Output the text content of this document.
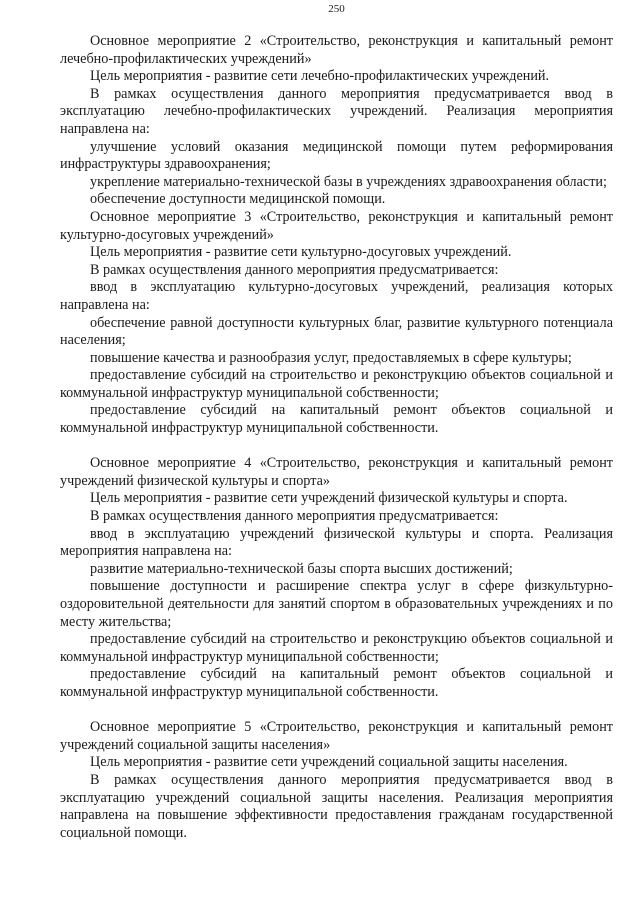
250

Основное мероприятие 2 «Строительство, реконструкция и капитальный ремонт лечебно-профилактических учреждений»

Цель мероприятия - развитие сети лечебно-профилактических учреждений.

В рамках осуществления данного мероприятия предусматривается ввод в эксплуатацию лечебно-профилактических учреждений. Реализация мероприятия направлена на:

улучшение условий оказания медицинской помощи путем реформирования инфраструктуры здравоохранения;

укрепление материально-технической базы в учреждениях здравоохранения области;

обеспечение доступности медицинской помощи.

Основное мероприятие 3 «Строительство, реконструкция и капитальный ремонт культурно-досуговых учреждений»

Цель мероприятия - развитие сети культурно-досуговых учреждений.

В рамках осуществления данного мероприятия предусматривается:

ввод в эксплуатацию культурно-досуговых учреждений, реализация которых направлена на:

обеспечение равной доступности культурных благ, развитие культурного потенциала населения;

повышение качества и разнообразия услуг, предоставляемых в сфере культуры;

предоставление субсидий на строительство и реконструкцию объектов социальной и коммунальной инфраструктур муниципальной собственности;

предоставление субсидий на капитальный ремонт объектов социальной и коммунальной инфраструктур муниципальной собственности.

Основное мероприятие 4 «Строительство, реконструкция и капитальный ремонт учреждений физической культуры и спорта»

Цель мероприятия - развитие сети учреждений физической культуры и спорта.

В рамках осуществления данного мероприятия предусматривается:

ввод в эксплуатацию учреждений физической культуры и спорта. Реализация мероприятия направлена на:

развитие материально-технической базы спорта высших достижений;

повышение доступности и расширение спектра услуг в сфере физкультурно-оздоровительной деятельности для занятий спортом в образовательных учреждениях и по месту жительства;

предоставление субсидий на строительство и реконструкцию объектов социальной и коммунальной инфраструктур муниципальной собственности;

предоставление субсидий на капитальный ремонт объектов социальной и коммунальной инфраструктур муниципальной собственности.

Основное мероприятие 5 «Строительство, реконструкция и капитальный ремонт учреждений социальной защиты населения»

Цель мероприятия - развитие сети учреждений социальной защиты населения.

В рамках осуществления данного мероприятия предусматривается ввод в эксплуатацию учреждений социальной защиты населения. Реализация мероприятия направлена на повышение эффективности предоставления гражданам государственной социальной помощи.
